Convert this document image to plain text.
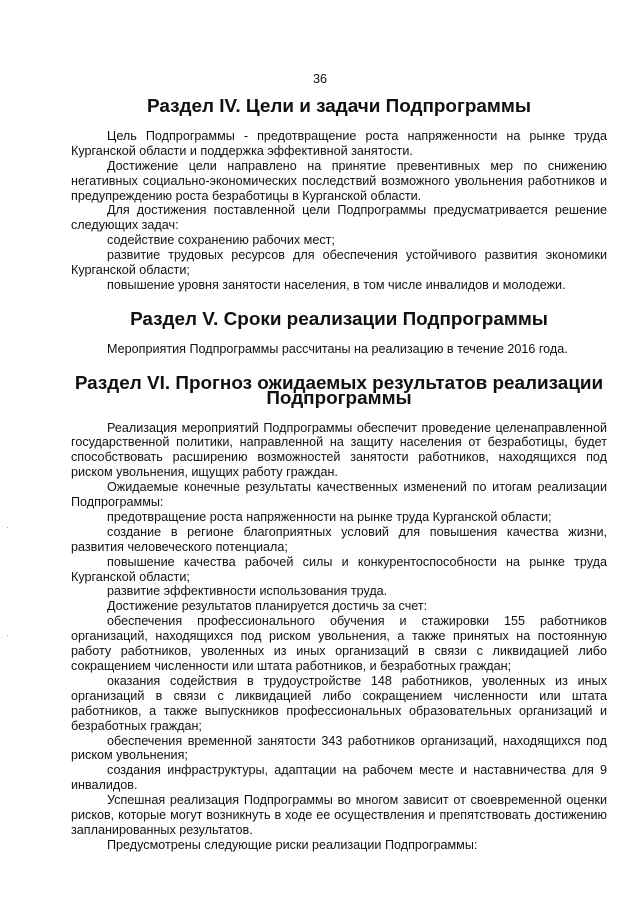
36
Раздел IV. Цели и задачи Подпрограммы

Цель Подпрограммы - предотвращение роста напряженности на рынке труда Курганской области и поддержка эффективной занятости.

Достижение цели направлено на принятие превентивных мер по снижению негативных социально-экономических последствий возможного увольнения работников и предупреждению роста безработицы в Курганской области.

Для достижения поставленной цели Подпрограммы предусматривается решение следующих задач:

содействие сохранению рабочих мест;

развитие трудовых ресурсов для обеспечения устойчивого развития экономики Курганской области;

повышение уровня занятости населения, в том числе инвалидов и молодежи.

Раздел V. Сроки реализации Подпрограммы

Мероприятия Подпрограммы рассчитаны на реализацию в течение 2016 года.

Раздел VI. Прогноз ожидаемых результатов реализации Подпрограммы

Реализация мероприятий Подпрограммы обеспечит проведение целенаправленной государственной политики, направленной на защиту населения от безработицы, будет способствовать расширению возможностей занятости работников, находящихся под риском увольнения, ищущих работу граждан.

Ожидаемые конечные результаты качественных изменений по итогам реализации Подпрограммы:

предотвращение роста напряженности на рынке труда Курганской области;

создание в регионе благоприятных условий для повышения качества жизни, развития человеческого потенциала;

повышение качества рабочей силы и конкурентоспособности на рынке труда Курганской области;

развитие эффективности использования труда.

Достижение результатов планируется достичь за счет:

обеспечения профессионального обучения и стажировки 155 работников организаций, находящихся под риском увольнения, а также принятых на постоянную работу работников, уволенных из иных организаций в связи с ликвидацией либо сокращением численности или штата работников, и безработных граждан;

оказания содействия в трудоустройстве 148 работников, уволенных из иных организаций в связи с ликвидацией либо сокращением численности или штата работников, а также выпускников профессиональных образовательных организаций и безработных граждан;

обеспечения временной занятости 343 работников организаций, находящихся под риском увольнения;

создания инфраструктуры, адаптации на рабочем месте и наставничества для 9 инвалидов.

Успешная реализация Подпрограммы во многом зависит от своевременной оценки рисков, которые могут возникнуть в ходе ее осуществления и препятствовать достижению запланированных результатов.

Предусмотрены следующие риски реализации Подпрограммы:

·
·
